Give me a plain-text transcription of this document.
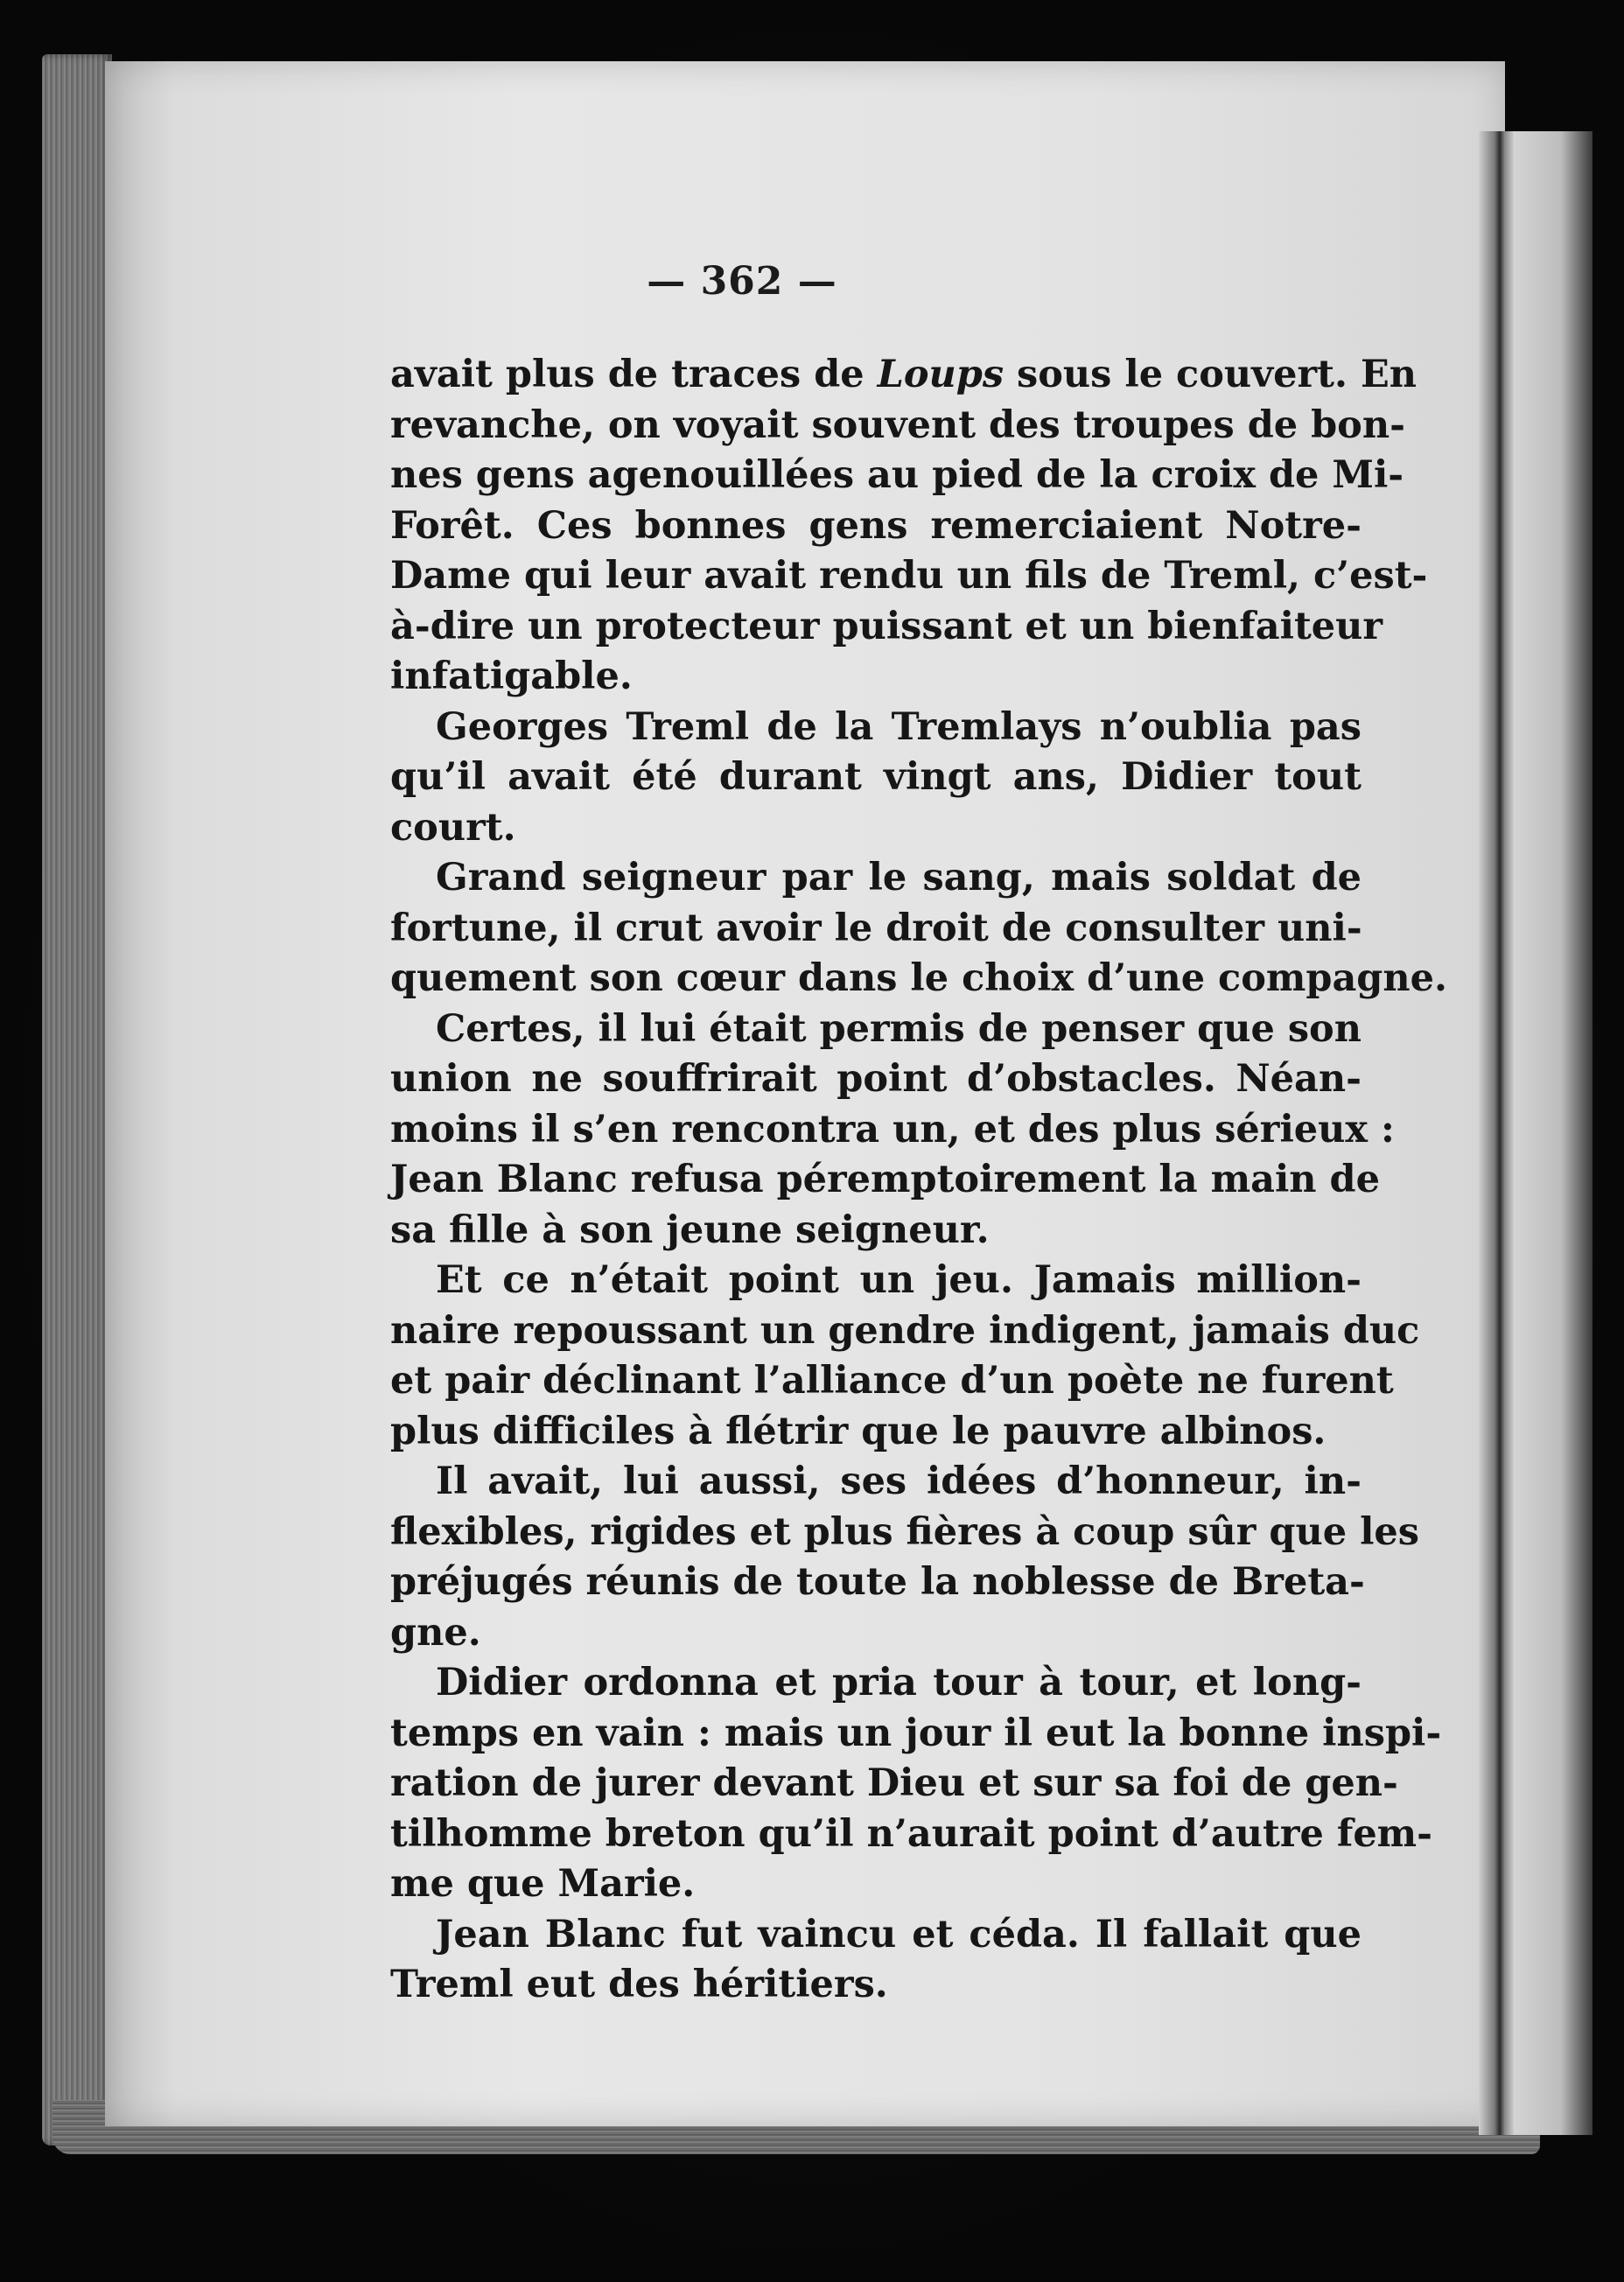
— 362 —
avait plus de traces de Loups sous le couvert. En
revanche, on voyait souvent des troupes de bon-
nes gens agenouillées au pied de la croix de Mi-
Forêt. Ces bonnes gens remerciaient Notre-
Dame qui leur avait rendu un fils de Treml, c’est-
à-dire un protecteur puissant et un bienfaiteur
infatigable.
Georges Treml de la Tremlays n’oublia pas
qu’il avait été durant vingt ans, Didier tout
court.
Grand seigneur par le sang, mais soldat de
fortune, il crut avoir le droit de consulter uni-
quement son cœur dans le choix d’une compagne.
Certes, il lui était permis de penser que son
union ne souffrirait point d’obstacles. Néan-
moins il s’en rencontra un, et des plus sérieux :
Jean Blanc refusa péremptoirement la main de
sa fille à son jeune seigneur.
Et ce n’était point un jeu. Jamais million-
naire repoussant un gendre indigent, jamais duc
et pair déclinant l’alliance d’un poète ne furent
plus difficiles à flétrir que le pauvre albinos.
Il avait, lui aussi, ses idées d’honneur, in-
flexibles, rigides et plus fières à coup sûr que les
préjugés réunis de toute la noblesse de Breta-
gne.
Didier ordonna et pria tour à tour, et long-
temps en vain : mais un jour il eut la bonne inspi-
ration de jurer devant Dieu et sur sa foi de gen-
tilhomme breton qu’il n’aurait point d’autre fem-
me que Marie.
Jean Blanc fut vaincu et céda. Il fallait que
Treml eut des héritiers.
